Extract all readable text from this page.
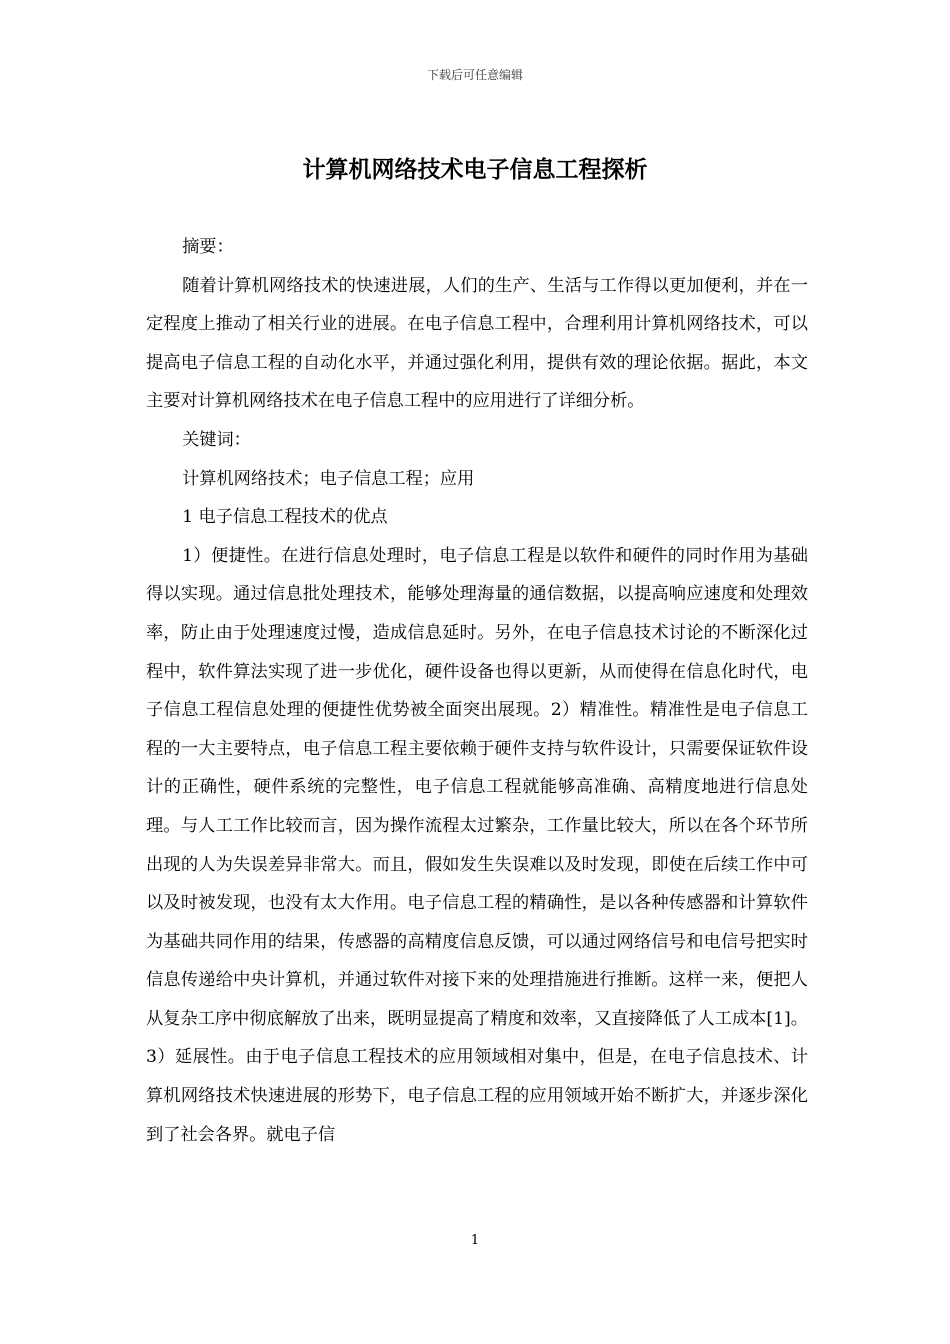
下载后可任意编辑
计算机网络技术电子信息工程探析

摘要：

随着计算机网络技术的快速进展，人们的生产、生活与工作得以更加便利，并在一定程度上推动了相关行业的进展。在电子信息工程中，合理利用计算机网络技术，可以提高电子信息工程的自动化水平，并通过强化利用，提供有效的理论依据。据此，本文主要对计算机网络技术在电子信息工程中的应用进行了详细分析。

关键词：

计算机网络技术；电子信息工程；应用

1 电子信息工程技术的优点

1）便捷性。在进行信息处理时，电子信息工程是以软件和硬件的同时作用为基础得以实现。通过信息批处理技术，能够处理海量的通信数据，以提高响应速度和处理效率，防止由于处理速度过慢，造成信息延时。另外，在电子信息技术讨论的不断深化过程中，软件算法实现了进一步优化，硬件设备也得以更新，从而使得在信息化时代，电子信息工程信息处理的便捷性优势被全面突出展现。2）精准性。精准性是电子信息工程的一大主要特点，电子信息工程主要依赖于硬件支持与软件设计，只需要保证软件设计的正确性，硬件系统的完整性，电子信息工程就能够高准确、高精度地进行信息处理。与人工工作比较而言，因为操作流程太过繁杂，工作量比较大，所以在各个环节所出现的人为失误差异非常大。而且，假如发生失误难以及时发现，即使在后续工作中可以及时被发现，也没有太大作用。电子信息工程的精确性，是以各种传感器和计算软件为基础共同作用的结果，传感器的高精度信息反馈，可以通过网络信号和电信号把实时信息传递给中央计算机，并通过软件对接下来的处理措施进行推断。这样一来，便把人从复杂工序中彻底解放了出来，既明显提高了精度和效率，又直接降低了人工成本[1]。3）延展性。由于电子信息工程技术的应用领域相对集中，但是，在电子信息技术、计算机网络技术快速进展的形势下，电子信息工程的应用领域开始不断扩大，并逐步深化到了社会各界。就电子信

1
